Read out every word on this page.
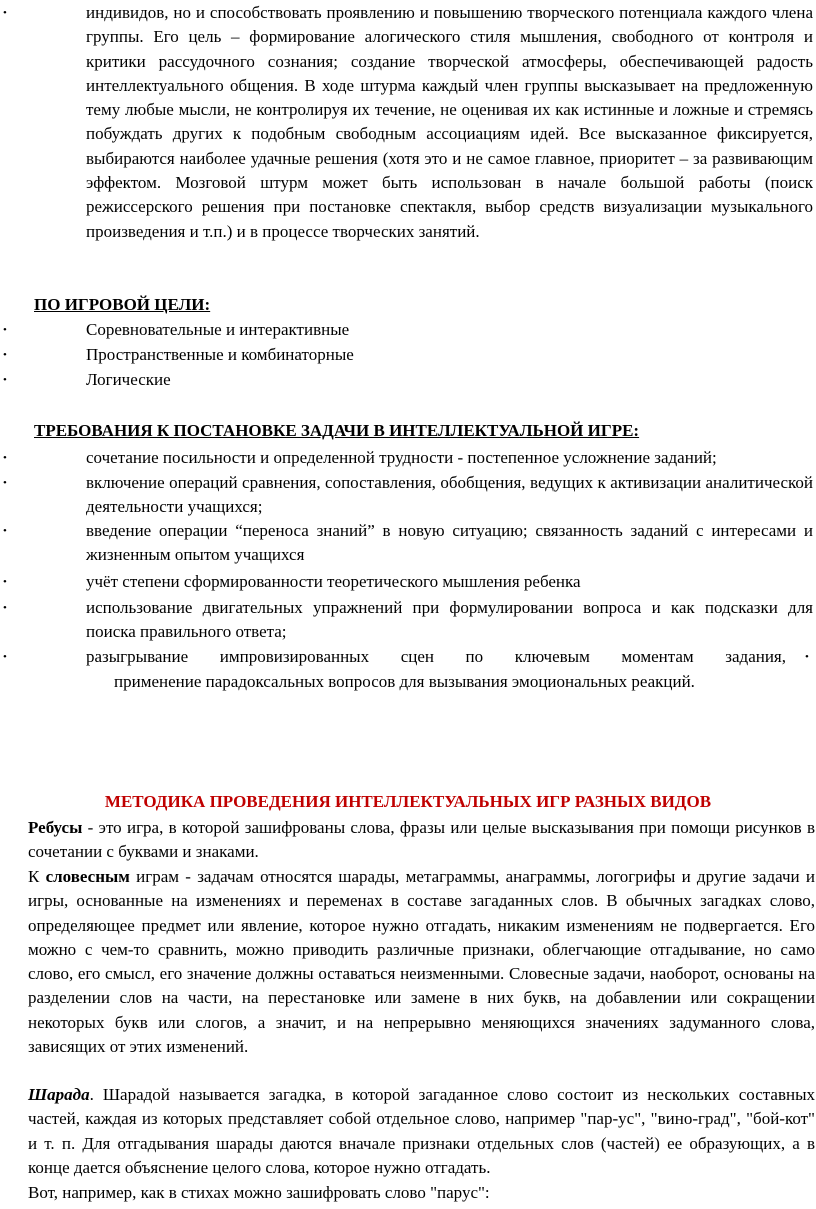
•	индивидов, но и способствовать проявлению и повышению творческого потенциала каждого члена группы. Его цель – формирование алогического стиля мышления, свободного от контроля и критики рассудочного сознания; создание творческой атмосферы, обеспечивающей радость интеллектуального общения. В ходе штурма каждый член группы высказывает на предложенную тему любые мысли, не контролируя их течение, не оценивая их как истинные и ложные и стремясь побуждать других к подобным свободным ассоциациям идей. Все высказанное фиксируется, выбираются наиболее удачные решения (хотя это и не самое главное, приоритет – за развивающим эффектом. Мозговой штурм может быть использован в начале большой работы (поиск режиссерского решения при постановке спектакля, выбор средств визуализации музыкального произведения и т.п.) и в процессе творческих занятий.

ПО ИГРОВОЙ ЦЕЛИ:

•	Соревновательные и интерактивные

•	Пространственные и комбинаторные

•	Логические

ТРЕБОВАНИЯ К ПОСТАНОВКЕ ЗАДАЧИ В ИНТЕЛЛЕКТУАЛЬНОЙ ИГРЕ:

•	сочетание посильности и определенной трудности - постепенное усложнение заданий;

•	включение операций сравнения, сопоставления, обобщения, ведущих к активизации аналитической деятельности учащихся;

•	введение операции “переноса знаний” в новую ситуацию; связанность заданий с интересами и жизненным опытом учащихся

•	учёт степени сформированности теоретического мышления ребенка

•	использование двигательных упражнений при формулировании вопроса и как подсказки для поиска правильного ответа;

•	разыгрывание импровизированных сцен по ключевым моментам задания, •

применение парадоксальных вопросов для вызывания эмоциональных реакций.

МЕТОДИКА ПРОВЕДЕНИЯ ИНТЕЛЛЕКТУАЛЬНЫХ ИГР РАЗНЫХ ВИДОВ

Ребусы - это игра, в которой зашифрованы слова, фразы или целые высказывания при помощи рисунков в сочетании с буквами и знаками.

К словесным играм - задачам относятся шарады, метаграммы, анаграммы, логогрифы и другие задачи и игры, основанные на изменениях и переменах в составе загаданных слов. В обычных загадках слово, определяющее предмет или явление, которое нужно отгадать, никаким изменениям не подвергается. Его можно с чем-то сравнить, можно приводить различные признаки, облегчающие отгадывание, но само слово, его смысл, его значение должны оставаться неизменными. Словесные задачи, наоборот, основаны на разделении слов на части, на перестановке или замене в них букв, на добавлении или сокращении некоторых букв или слогов, а значит, и на непрерывно меняющихся значениях задуманного слова, зависящих от этих изменений.

Шарада. Шарадой называется загадка, в которой загаданное слово состоит из нескольких составных частей, каждая из которых представляет собой отдельное слово, например "пар-ус", "вино-град", "бой-кот" и т. п. Для отгадывания шарады даются вначале признаки отдельных слов (частей) ее образующих, а в конце дается объяснение целого слова, которое нужно отгадать.

Вот, например, как в стихах можно зашифровать слово "парус":
